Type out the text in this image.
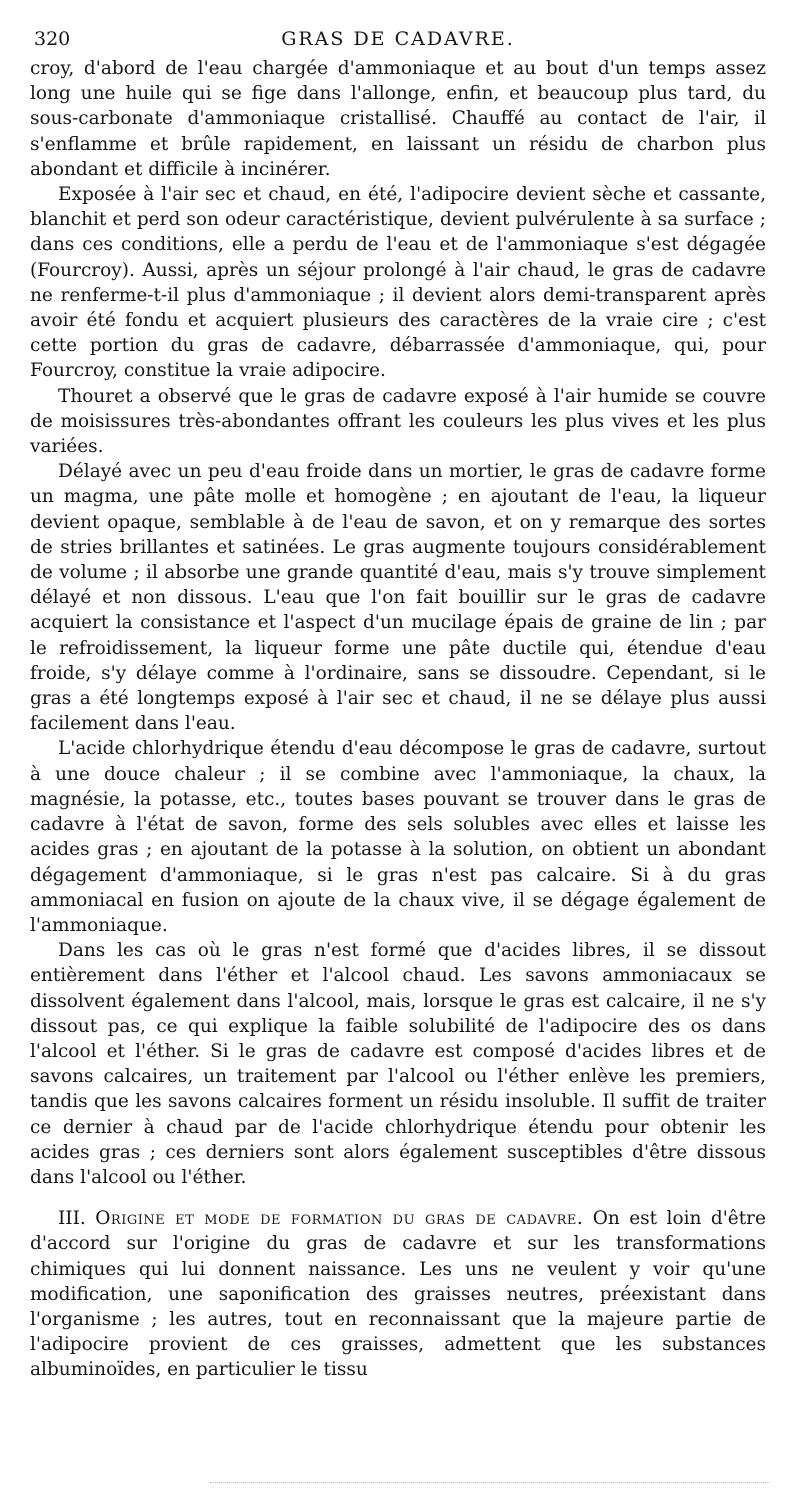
320	GRAS DE CADAVRE.

croy, d'abord de l'eau chargée d'ammoniaque et au bout d'un temps assez long une huile qui se fige dans l'allonge, enfin, et beaucoup plus tard, du sous-carbonate d'ammoniaque cristallisé. Chauffé au contact de l'air, il s'enflamme et brûle rapidement, en laissant un résidu de charbon plus abondant et difficile à incinérer.

Exposée à l'air sec et chaud, en été, l'adipocire devient sèche et cassante, blanchit et perd son odeur caractéristique, devient pulvérulente à sa surface ; dans ces conditions, elle a perdu de l'eau et de l'ammoniaque s'est dégagée (Fourcroy). Aussi, après un séjour prolongé à l'air chaud, le gras de cadavre ne renferme-t-il plus d'ammoniaque ; il devient alors demi-transparent après avoir été fondu et acquiert plusieurs des caractères de la vraie cire ; c'est cette portion du gras de cadavre, débarrassée d'ammoniaque, qui, pour Fourcroy, constitue la vraie adipocire.

Thouret a observé que le gras de cadavre exposé à l'air humide se couvre de moisissures très-abondantes offrant les couleurs les plus vives et les plus variées.

Délayé avec un peu d'eau froide dans un mortier, le gras de cadavre forme un magma, une pâte molle et homogène ; en ajoutant de l'eau, la liqueur devient opaque, semblable à de l'eau de savon, et on y remarque des sortes de stries brillantes et satinées. Le gras augmente toujours considérablement de volume ; il absorbe une grande quantité d'eau, mais s'y trouve simplement délayé et non dissous. L'eau que l'on fait bouillir sur le gras de cadavre acquiert la consistance et l'aspect d'un mucilage épais de graine de lin ; par le refroidissement, la liqueur forme une pâte ductile qui, étendue d'eau froide, s'y délaye comme à l'ordinaire, sans se dissoudre. Cependant, si le gras a été longtemps exposé à l'air sec et chaud, il ne se délaye plus aussi facilement dans l'eau.

L'acide chlorhydrique étendu d'eau décompose le gras de cadavre, surtout à une douce chaleur ; il se combine avec l'ammoniaque, la chaux, la magnésie, la potasse, etc., toutes bases pouvant se trouver dans le gras de cadavre à l'état de savon, forme des sels solubles avec elles et laisse les acides gras ; en ajoutant de la potasse à la solution, on obtient un abondant dégagement d'ammoniaque, si le gras n'est pas calcaire. Si à du gras ammoniacal en fusion on ajoute de la chaux vive, il se dégage également de l'ammoniaque.

Dans les cas où le gras n'est formé que d'acides libres, il se dissout entièrement dans l'éther et l'alcool chaud. Les savons ammoniacaux se dissolvent également dans l'alcool, mais, lorsque le gras est calcaire, il ne s'y dissout pas, ce qui explique la faible solubilité de l'adipocire des os dans l'alcool et l'éther. Si le gras de cadavre est composé d'acides libres et de savons calcaires, un traitement par l'alcool ou l'éther enlève les premiers, tandis que les savons calcaires forment un résidu insoluble. Il suffit de traiter ce dernier à chaud par de l'acide chlorhydrique étendu pour obtenir les acides gras ; ces derniers sont alors également susceptibles d'être dissous dans l'alcool ou l'éther.

III. Origine et mode de formation du gras de cadavre. On est loin d'être d'accord sur l'origine du gras de cadavre et sur les transformations chimiques qui lui donnent naissance. Les uns ne veulent y voir qu'une modification, une saponification des graisses neutres, préexistant dans l'organisme ; les autres, tout en reconnaissant que la majeure partie de l'adipocire provient de ces graisses, admettent que les substances albuminoïdes, en particulier le tissu
